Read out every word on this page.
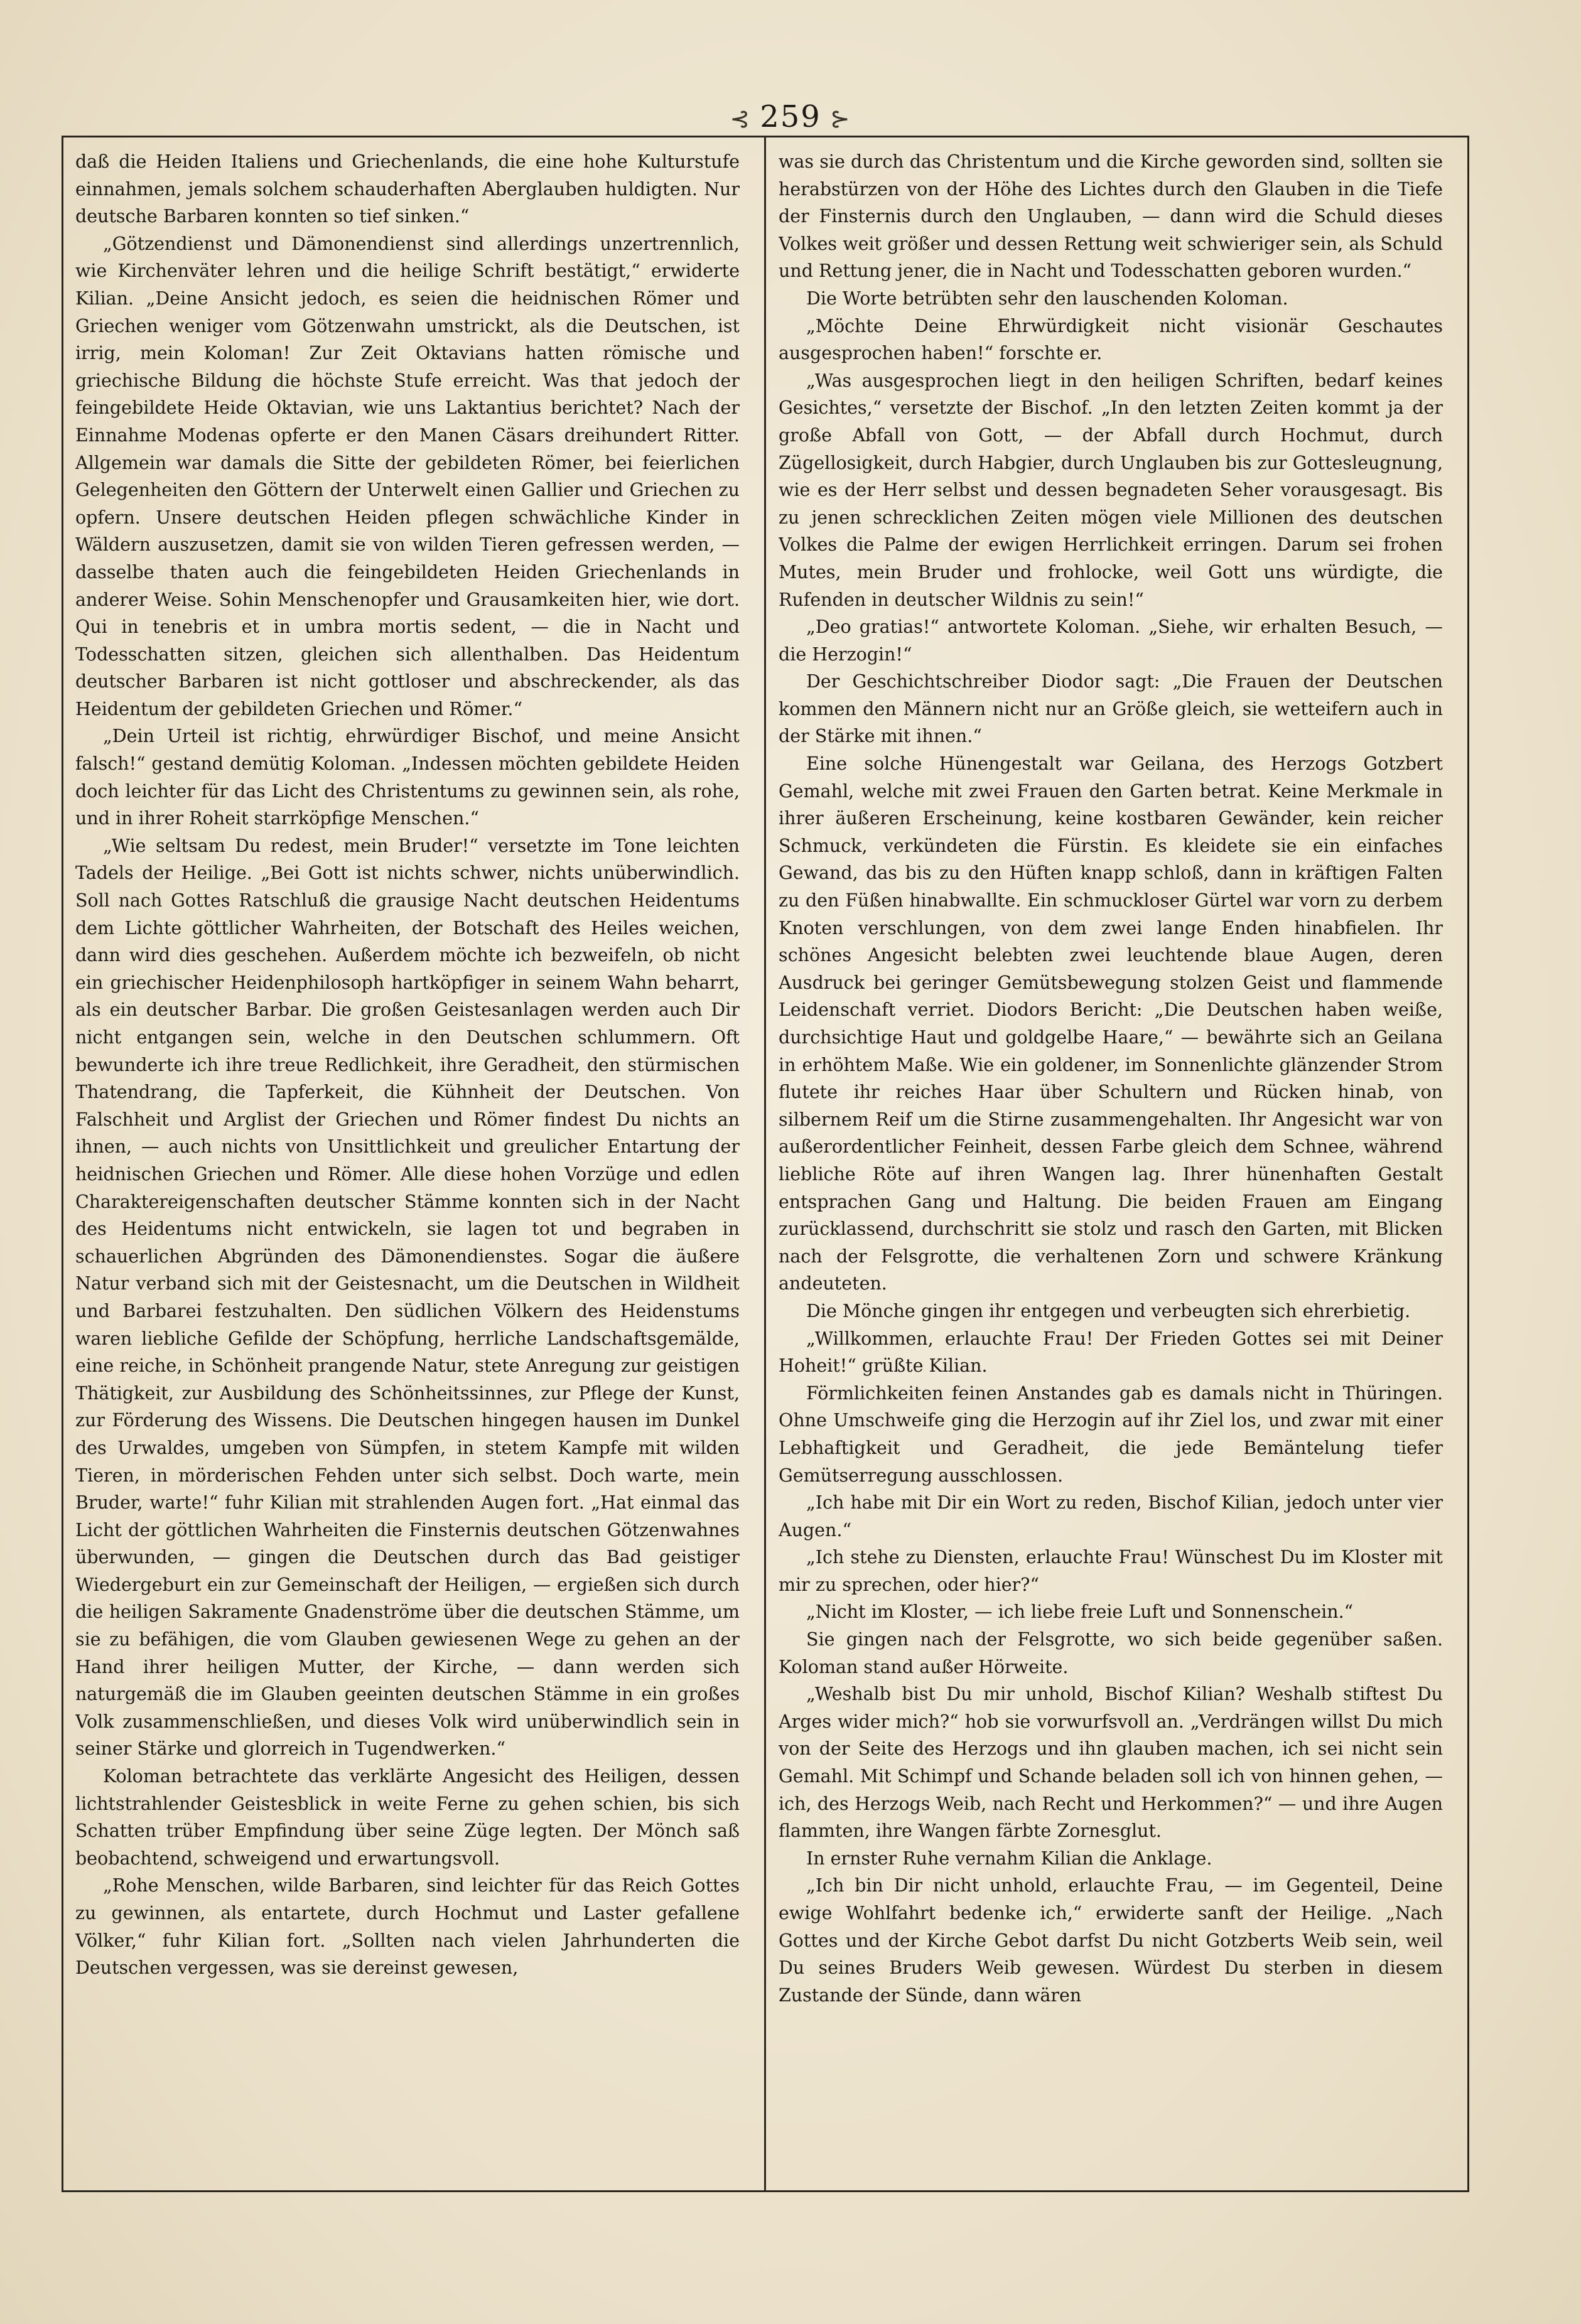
⊰ 259 ⊱

daß die Heiden Italiens und Griechenlands, die eine hohe Kulturstufe einnahmen, jemals solchem schauderhaften Aberglauben huldigten. Nur deutsche Barbaren konnten so tief sinken.“

„Götzendienst und Dämonendienst sind allerdings unzertrennlich, wie Kirchenväter lehren und die heilige Schrift bestätigt,“ erwiderte Kilian. „Deine Ansicht jedoch, es seien die heidnischen Römer und Griechen weniger vom Götzenwahn umstrickt, als die Deutschen, ist irrig, mein Koloman! Zur Zeit Oktavians hatten römische und griechische Bildung die höchste Stufe erreicht. Was that jedoch der feingebildete Heide Oktavian, wie uns Laktantius berichtet? Nach der Einnahme Modenas opferte er den Manen Cäsars dreihundert Ritter. Allgemein war damals die Sitte der gebildeten Römer, bei feierlichen Gelegenheiten den Göttern der Unterwelt einen Gallier und Griechen zu opfern. Unsere deutschen Heiden pflegen schwächliche Kinder in Wäldern auszusetzen, damit sie von wilden Tieren gefressen werden, — dasselbe thaten auch die feingebildeten Heiden Griechenlands in anderer Weise. Sohin Menschenopfer und Grausamkeiten hier, wie dort. Qui in tenebris et in umbra mortis sedent, — die in Nacht und Todesschatten sitzen, gleichen sich allenthalben. Das Heidentum deutscher Barbaren ist nicht gottloser und abschreckender, als das Heidentum der gebildeten Griechen und Römer.“

„Dein Urteil ist richtig, ehrwürdiger Bischof, und meine Ansicht falsch!“ gestand demütig Koloman. „Indessen möchten gebildete Heiden doch leichter für das Licht des Christentums zu gewinnen sein, als rohe, und in ihrer Roheit starrköpfige Menschen.“

„Wie seltsam Du redest, mein Bruder!“ versetzte im Tone leichten Tadels der Heilige. „Bei Gott ist nichts schwer, nichts unüberwindlich. Soll nach Gottes Ratschluß die grausige Nacht deutschen Heidentums dem Lichte göttlicher Wahrheiten, der Botschaft des Heiles weichen, dann wird dies geschehen. Außerdem möchte ich bezweifeln, ob nicht ein griechischer Heidenphilosoph hartköpfiger in seinem Wahn beharrt, als ein deutscher Barbar. Die großen Geistesanlagen werden auch Dir nicht entgangen sein, welche in den Deutschen schlummern. Oft bewunderte ich ihre treue Redlichkeit, ihre Geradheit, den stürmischen Thatendrang, die Tapferkeit, die Kühnheit der Deutschen. Von Falschheit und Arglist der Griechen und Römer findest Du nichts an ihnen, — auch nichts von Unsittlichkeit und greulicher Entartung der heidnischen Griechen und Römer. Alle diese hohen Vorzüge und edlen Charaktereigenschaften deutscher Stämme konnten sich in der Nacht des Heidentums nicht entwickeln, sie lagen tot und begraben in schauerlichen Abgründen des Dämonendienstes. Sogar die äußere Natur verband sich mit der Geistesnacht, um die Deutschen in Wildheit und Barbarei festzuhalten. Den südlichen Völkern des Heidenstums waren liebliche Gefilde der Schöpfung, herrliche Landschaftsgemälde, eine reiche, in Schönheit prangende Natur, stete Anregung zur geistigen Thätigkeit, zur Ausbildung des Schönheitssinnes, zur Pflege der Kunst, zur Förderung des Wissens. Die Deutschen hingegen hausen im Dunkel des Urwaldes, umgeben von Sümpfen, in stetem Kampfe mit wilden Tieren, in mörderischen Fehden unter sich selbst. Doch warte, mein Bruder, warte!“ fuhr Kilian mit strahlenden Augen fort. „Hat einmal das Licht der göttlichen Wahrheiten die Finsternis deutschen Götzenwahnes überwunden, — gingen die Deutschen durch das Bad geistiger Wiedergeburt ein zur Gemeinschaft der Heiligen, — ergießen sich durch die heiligen Sakramente Gnadenströme über die deutschen Stämme, um sie zu befähigen, die vom Glauben gewiesenen Wege zu gehen an der Hand ihrer heiligen Mutter, der Kirche, — dann werden sich naturgemäß die im Glauben geeinten deutschen Stämme in ein großes Volk zusammenschließen, und dieses Volk wird unüberwindlich sein in seiner Stärke und glorreich in Tugendwerken.“

Koloman betrachtete das verklärte Angesicht des Heiligen, dessen lichtstrahlender Geistesblick in weite Ferne zu gehen schien, bis sich Schatten trüber Empfindung über seine Züge legten. Der Mönch saß beobachtend, schweigend und erwartungsvoll.

„Rohe Menschen, wilde Barbaren, sind leichter für das Reich Gottes zu gewinnen, als entartete, durch Hochmut und Laster gefallene Völker,“ fuhr Kilian fort. „Sollten nach vielen Jahrhunderten die Deutschen vergessen, was sie dereinst gewesen,

was sie durch das Christentum und die Kirche geworden sind, sollten sie herabstürzen von der Höhe des Lichtes durch den Glauben in die Tiefe der Finsternis durch den Unglauben, — dann wird die Schuld dieses Volkes weit größer und dessen Rettung weit schwieriger sein, als Schuld und Rettung jener, die in Nacht und Todesschatten geboren wurden.“

Die Worte betrübten sehr den lauschenden Koloman.

„Möchte Deine Ehrwürdigkeit nicht visionär Geschautes ausgesprochen haben!“ forschte er.

„Was ausgesprochen liegt in den heiligen Schriften, bedarf keines Gesichtes,“ versetzte der Bischof. „In den letzten Zeiten kommt ja der große Abfall von Gott, — der Abfall durch Hochmut, durch Zügellosigkeit, durch Habgier, durch Unglauben bis zur Gottesleugnung, wie es der Herr selbst und dessen begnadeten Seher vorausgesagt. Bis zu jenen schrecklichen Zeiten mögen viele Millionen des deutschen Volkes die Palme der ewigen Herrlichkeit erringen. Darum sei frohen Mutes, mein Bruder und frohlocke, weil Gott uns würdigte, die Rufenden in deutscher Wildnis zu sein!“

„Deo gratias!“ antwortete Koloman. „Siehe, wir erhalten Besuch, — die Herzogin!“

Der Geschichtschreiber Diodor sagt: „Die Frauen der Deutschen kommen den Männern nicht nur an Größe gleich, sie wetteifern auch in der Stärke mit ihnen.“

Eine solche Hünengestalt war Geilana, des Herzogs Gotzbert Gemahl, welche mit zwei Frauen den Garten betrat. Keine Merkmale in ihrer äußeren Erscheinung, keine kostbaren Gewänder, kein reicher Schmuck, verkündeten die Fürstin. Es kleidete sie ein einfaches Gewand, das bis zu den Hüften knapp schloß, dann in kräftigen Falten zu den Füßen hinabwallte. Ein schmuckloser Gürtel war vorn zu derbem Knoten verschlungen, von dem zwei lange Enden hinabfielen. Ihr schönes Angesicht belebten zwei leuchtende blaue Augen, deren Ausdruck bei geringer Gemütsbewegung stolzen Geist und flammende Leidenschaft verriet. Diodors Bericht: „Die Deutschen haben weiße, durchsichtige Haut und goldgelbe Haare,“ — bewährte sich an Geilana in erhöhtem Maße. Wie ein goldener, im Sonnenlichte glänzender Strom flutete ihr reiches Haar über Schultern und Rücken hinab, von silbernem Reif um die Stirne zusammengehalten. Ihr Angesicht war von außerordentlicher Feinheit, dessen Farbe gleich dem Schnee, während liebliche Röte auf ihren Wangen lag. Ihrer hünenhaften Gestalt entsprachen Gang und Haltung. Die beiden Frauen am Eingang zurücklassend, durchschritt sie stolz und rasch den Garten, mit Blicken nach der Felsgrotte, die verhaltenen Zorn und schwere Kränkung andeuteten.

Die Mönche gingen ihr entgegen und verbeugten sich ehrerbietig.

„Willkommen, erlauchte Frau! Der Frieden Gottes sei mit Deiner Hoheit!“ grüßte Kilian.

Förmlichkeiten feinen Anstandes gab es damals nicht in Thüringen. Ohne Umschweife ging die Herzogin auf ihr Ziel los, und zwar mit einer Lebhaftigkeit und Geradheit, die jede Bemäntelung tiefer Gemütserregung ausschlossen.

„Ich habe mit Dir ein Wort zu reden, Bischof Kilian, jedoch unter vier Augen.“

„Ich stehe zu Diensten, erlauchte Frau! Wünschest Du im Kloster mit mir zu sprechen, oder hier?“

„Nicht im Kloster, — ich liebe freie Luft und Sonnenschein.“

Sie gingen nach der Felsgrotte, wo sich beide gegenüber saßen. Koloman stand außer Hörweite.

„Weshalb bist Du mir unhold, Bischof Kilian? Weshalb stiftest Du Arges wider mich?“ hob sie vorwurfsvoll an. „Verdrängen willst Du mich von der Seite des Herzogs und ihn glauben machen, ich sei nicht sein Gemahl. Mit Schimpf und Schande beladen soll ich von hinnen gehen, — ich, des Herzogs Weib, nach Recht und Herkommen?“ — und ihre Augen flammten, ihre Wangen färbte Zornesglut.

In ernster Ruhe vernahm Kilian die Anklage.

„Ich bin Dir nicht unhold, erlauchte Frau, — im Gegenteil, Deine ewige Wohlfahrt bedenke ich,“ erwiderte sanft der Heilige. „Nach Gottes und der Kirche Gebot darfst Du nicht Gotzberts Weib sein, weil Du seines Bruders Weib gewesen. Würdest Du sterben in diesem Zustande der Sünde, dann wären
